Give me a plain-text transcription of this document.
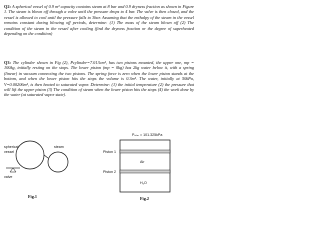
Q2: A spherical vessel of 0.9 m³ capacity contains steam at 8 bar and 0.9 dryness fraction as shown in Figure 1. The steam is blown off through a valve until the pressure drops to 4 bar. The valve is then closed, and the vessel is allowed to cool until the pressure falls to 3bar. Assuming that the enthalpy of the steam in the vessel remains constant during blowing off periods, determine: (1) The mass of the steam blown off (2) The condition of the steam in the vessel after cooling (find the dryness fraction or the degree of superheated depending on the condition)
Q3: The cylinder shown in Fig (2), Pcylinder=7.013cm², has two pistons mounted, the upper one, mp = 100kg, initially resting on the stops. The lower piston (mp = 0kg) has 2kg water below it, with a spring (linear) in vacuum connecting the two pistons. The spring force is zero when the lower piston stands at the bottom, and when the lower piston hits the stops the volume is 0.3m³. The water, initially at 50kPa, V=0.00206m³, is then heated to saturated vapor. Determine: (1) the initial temperature (2) the pressure that will lift the upper piston (3) The condition of steam when the lower piston hits the stops (4) the work done by the water (at saturated vapor state).
steam
spherical
vessel
valve
Fig.1
Pₐₜₘ = 101.325kPa
Piston 1
Piston 2
Air
H₂O
Fig.2
